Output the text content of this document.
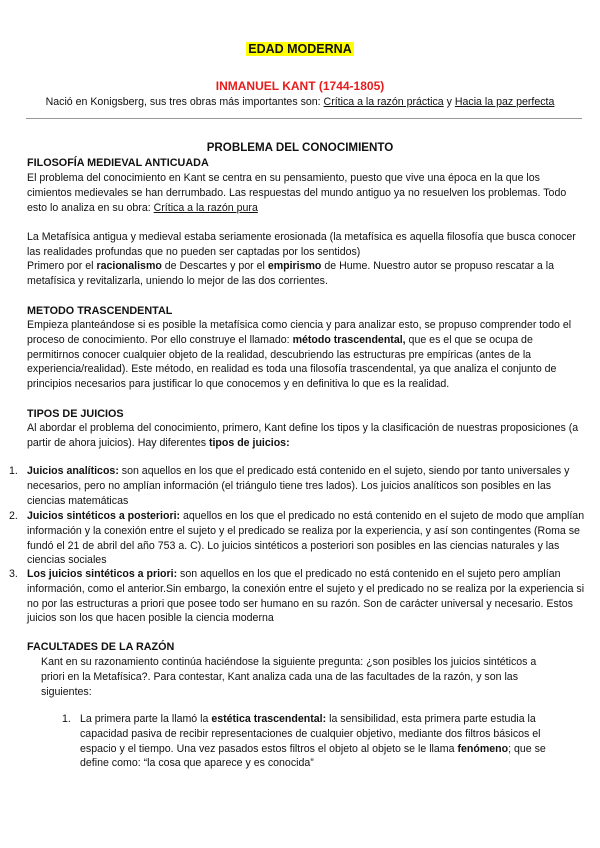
EDAD MODERNA
INMANUEL KANT (1744-1805)
Nació en Konigsberg, sus tres obras más importantes son: Crítica a la razón práctica y Hacia la paz perfecta
PROBLEMA DEL CONOCIMIENTO
FILOSOFÍA MEDIEVAL ANTICUADA

El problema del conocimiento en Kant se centra en su pensamiento, puesto que vive una época en la que los cimientos medievales se han derrumbado. Las respuestas del mundo antiguo ya no resuelven los problemas. Todo esto lo analiza en su obra: Crítica a la razón pura

La Metafísica antigua y medieval estaba seriamente erosionada (la metafísica es aquella filosofía que busca conocer las realidades profundas que no pueden ser captadas por los sentidos)

Primero por el racionalismo de Descartes y por el empirismo de Hume. Nuestro autor se propuso rescatar a la metafísica y revitalizarla, uniendo lo mejor de las dos corrientes.

METODO TRASCENDENTAL

Empieza planteándose si es posible la metafísica como ciencia y para analizar esto, se propuso comprender todo el proceso de conocimiento. Por ello construye el llamado: método trascendental, que es el que se ocupa de permitirnos conocer cualquier objeto de la realidad, descubriendo las estructuras pre empíricas (antes de la experiencia/realidad). Este método, en realidad es toda una filosofía trascendental, ya que analiza el conjunto de principios necesarios para justificar lo que conocemos y en definitiva lo que es la realidad.

TIPOS DE JUICIOS

Al abordar el problema del conocimiento, primero, Kant define los tipos y la clasificación de nuestras proposiciones (a partir de ahora juicios). Hay diferentes tipos de juicios:

1. Juicios analíticos: son aquellos en los que el predicado está contenido en el sujeto, siendo por tanto universales y necesarios, pero no amplían información (el triángulo tiene tres lados). Los juicios analíticos son posibles en las ciencias matemáticas

2. Juicios sintéticos a posteriori: aquellos en los que el predicado no está contenido en el sujeto de modo que amplían información y la conexión entre el sujeto y el predicado se realiza por la experiencia, y así son contingentes (Roma se fundó el 21 de abril del año 753 a. C). Lo juicios sintéticos a posteriori son posibles en las ciencias naturales y las ciencias sociales

3. Los juicios sintéticos a priori: son aquellos en los que el predicado no está contenido en el sujeto pero amplían información, como el anterior.Sin embargo, la conexión entre el sujeto y el predicado no se realiza por la experiencia si no por las estructuras a priori que posee todo ser humano en su razón. Son de carácter universal y necesario. Estos juicios son los que hacen posible la ciencia moderna

FACULTADES DE LA RAZÓN

Kant en su razonamiento continúa haciéndose la siguiente pregunta: ¿son posibles los juicios sintéticos a priori en la Metafísica?. Para contestar, Kant analiza cada una de las facultades de la razón, y son las siguientes:

1. La primera parte la llamó la estética trascendental: la sensibilidad, esta primera parte estudia la capacidad pasiva de recibir representaciones de cualquier objetivo, mediante dos filtros básicos el espacio y el tiempo. Una vez pasados estos filtros el objeto al objeto se le llama fenómeno; que se define como: “la cosa que aparece y es conocida”
